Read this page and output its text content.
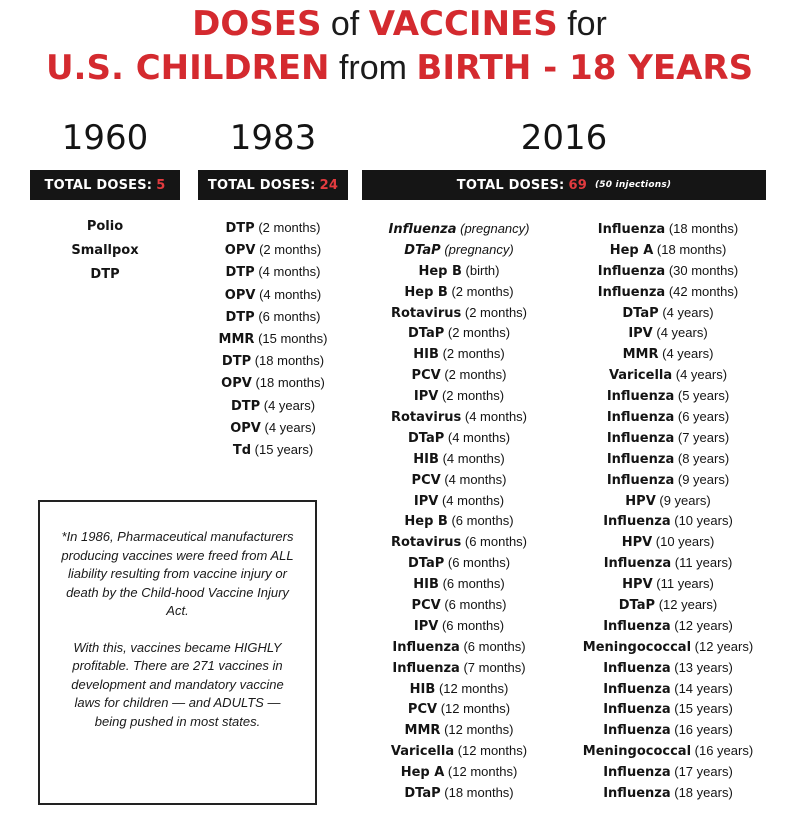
DOSES of VACCINES for
U.S. CHILDREN from BIRTH - 18 YEARS
1960	1983	2016
TOTAL DOSES: 5	TOTAL DOSES: 24	TOTAL DOSES: 69 (50 injections)
Polio
Smallpox
DTP
DTP (2 months)
OPV (2 months)
DTP (4 months)
OPV (4 months)
DTP (6 months)
MMR (15 months)
DTP (18 months)
OPV (18 months)
DTP (4 years)
OPV (4 years)
Td (15 years)
Influenza (pregnancy)
DTaP (pregnancy)
Hep B (birth)
Hep B (2 months)
Rotavirus (2 months)
DTaP (2 months)
HIB (2 months)
PCV (2 months)
IPV (2 months)
Rotavirus (4 months)
DTaP (4 months)
HIB (4 months)
PCV (4 months)
IPV (4 months)
Hep B (6 months)
Rotavirus (6 months)
DTaP (6 months)
HIB (6 months)
PCV (6 months)
IPV (6 months)
Influenza (6 months)
Influenza (7 months)
HIB (12 months)
PCV (12 months)
MMR (12 months)
Varicella (12 months)
Hep A (12 months)
DTaP (18 months)
Influenza (18 months)
Hep A (18 months)
Influenza (30 months)
Influenza (42 months)
DTaP (4 years)
IPV (4 years)
MMR (4 years)
Varicella (4 years)
Influenza (5 years)
Influenza (6 years)
Influenza (7 years)
Influenza (8 years)
Influenza (9 years)
HPV (9 years)
Influenza (10 years)
HPV (10 years)
Influenza (11 years)
HPV (11 years)
DTaP (12 years)
Influenza (12 years)
Meningococcal (12 years)
Influenza (13 years)
Influenza (14 years)
Influenza (15 years)
Influenza (16 years)
Meningococcal (16 years)
Influenza (17 years)
Influenza (18 years)

*In 1986, Pharmaceutical manufacturers producing vaccines were freed from ALL liability resulting from vaccine injury or death by the Child-hood Vaccine Injury Act.

With this, vaccines became HIGHLY profitable. There are 271 vaccines in development and mandatory vaccine laws for children — and ADULTS — being pushed in most states.
